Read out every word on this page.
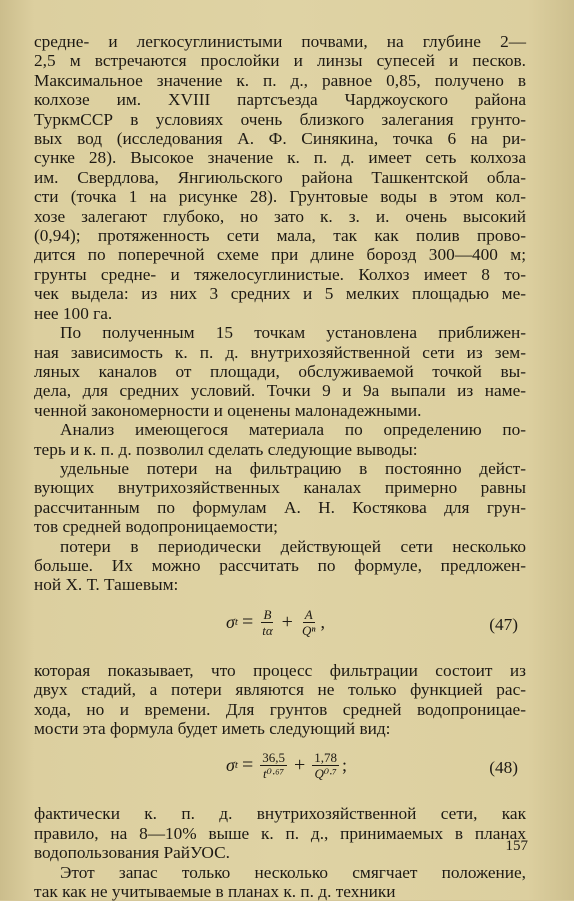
средне- и легкосуглинистыми почвами, на глубине 2—
2,5 м встречаются прослойки и линзы супесей и песков.
Максимальное значение к. п. д., равное 0,85, получено в
колхозе им. XVIII партсъезда Чарджоуского района
ТуркмССР в условиях очень близкого залегания грунто-
вых вод (исследования А. Ф. Синякина, точка 6 на ри-
сунке 28). Высокое значение к. п. д. имеет сеть колхоза
им. Свердлова, Янгиюльского района Ташкентской обла-
сти (точка 1 на рисунке 28). Грунтовые воды в этом кол-
хозе залегают глубоко, но зато к. з. и. очень высокий
(0,94); протяженность сети мала, так как полив прово-
дится по поперечной схеме при длине борозд 300—400 м;
грунты средне- и тяжелосуглинистые. Колхоз имеет 8 то-
чек выдела: из них 3 средних и 5 мелких площадью ме-
нее 100 га.
По полученным 15 точкам установлена приближен-
ная зависимость к. п. д. внутрихозяйственной сети из зем-
ляных каналов от площади, обслуживаемой точкой вы-
дела, для средних условий. Точки 9 и 9а выпали из наме-
ченной закономерности и оценены малонадежными.
Анализ имеющегося материала по определению по-
терь и к. п. д. позволил сделать следующие выводы:
удельные потери на фильтрацию в постоянно дейст-
вующих внутрихозяйственных каналах примерно равны
рассчитанным по формулам А. Н. Костякова для грун-
тов средней водопроницаемости;
потери в периодически действующей сети несколько
больше. Их можно рассчитать по формуле, предложен-
ной Х. Т. Ташевым:
σ $t = \frac{B}{t\alpha} + \frac{A}{\text{Qⁿ}}$ ,	(47)
которая показывает, что процесс фильтрации состоит из
двух стадий, а потери являются не только функцией рас-
хода, но и времени. Для грунтов средней водопроницае-
мости эта формула будет иметь следующий вид:
σ $t = \frac{36,5}{\text{t⁰·⁶⁷}} + \frac{1,78}{\text{Q⁰·⁷}}$ ;	(48)
фактически к. п. д. внутрихозяйственной сети, как
правило, на 8—10% выше к. п. д., принимаемых в планах
водопользования РайУОС.
Этот запас только несколько смягчает положение,
так как не учитываемые в планах к. п. д. техники
157
